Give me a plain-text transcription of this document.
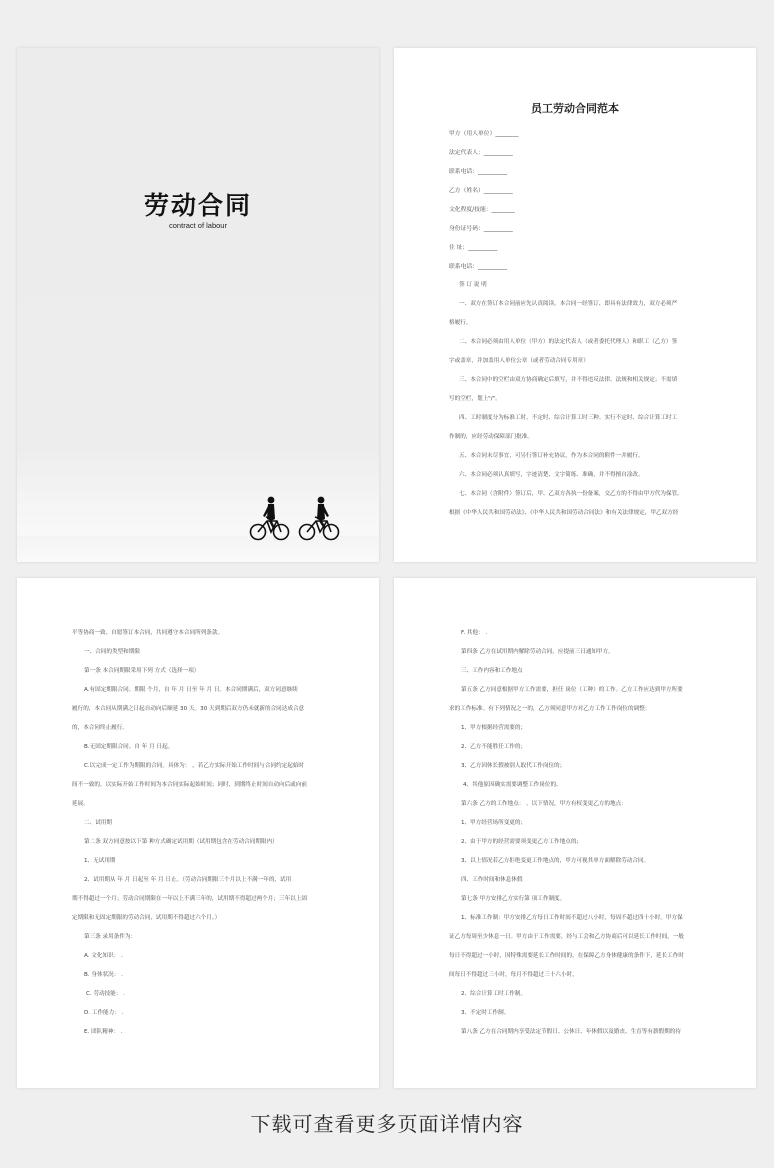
劳动合同
contract of labour
员工劳动合同范本
甲方（用人单位）________
法定代表人：__________
联系电话：__________
乙方（姓名）__________
文化程度/技能：________
身份证号码：__________
住 址：__________
联系电话：__________
签 订 说 明
一、双方在签订本合同前应先认真阅读。本合同一经签订，即具有法律效力，双方必须严
格履行。
二、本合同必须由用人单位（甲方）的法定代表人（或者委托代理人）和职工（乙方）签
字或盖章，并加盖用人单位公章（或者劳动合同专用章）
三、本合同中的空栏由双方协商确定后填写，并不得违反法律、法规和相关规定；不需填
写的空栏，划上"/"。
四、工时制度分为标准工时、不定时、综合计算工时三种。实行不定时、综合计算工时工
作制的，应经劳动保障部门批准。
五、本合同未尽事宜，可另行签订补充协议，作为本合同的附件一并履行。
六、本合同必须认真填写，字迹清楚、文字简练、准确，并不得擅自涂改。
七、本合同（含附件）签订后，甲、乙双方各执一份备案，交乙方的不得由甲方代为保管。
根据《中华人民共和国劳动法》、《中华人民共和国劳动合同法》和有关法律规定，甲乙双方经
平等协商一致、自愿签订本合同，共同遵守本合同所列条款。
一、合同的类型和期限
第一条 本合同期限采用下列 方式（选择一项）
A.有固定期限合同。期限 个月，自 年 月 日至 年 月 日。本合同期满后，双方同意继续
履行的，本合同从期满之日起自动向后顺延 30 天。30 天到期后双方仍未就新的合同达成合意
的，本合同终止履行。
B.无固定期限合同。自 年 月 日起。
C.以完成一定工作为期限的合同。具体为： ，若乙方实际开始工作时间与合同约定起始时
间不一致的，以实际开始工作时间为本合同实际起始时间；同时，到期终止时间自动向后或向前
延展。
二、试用期
第二条 双方同意按以下第 种方式确定试用期（试用期包含在劳动合同期限内）
1、无试用期
2、试用期从 年 月 日起至 年 月 日止。（劳动合同期限三个月以上不满一年的，试用
期不得超过一个月；劳动合同期限在一年以上不满三年的，试用期不得超过两个月；三年以上固
定期限和无固定期限的劳动合同，试用期不得超过六个月。）
第三条 录用条件为：
A. 文化知识： .
B. 身体状况： .
C. 劳动技能： .
D. 工作能力： .
E. 团队精神： .
F. 其他： .
第四条 乙方在试用期内解除劳动合同，应提前三日通知甲方。
三、工作内容和工作地点
第五条 乙方同意根据甲方工作需要，担任 岗位（工种）的工作。乙方工作应达到甲方所要
求的工作标准。有下列情况之一的，乙方须同意甲方对乙方工作工作岗位的调整：
1、甲方根据经营需要的；
2、乙方不能胜任工作的；
3、乙方因休长假被别人取代工作岗位的；
4、其他原因确实需要调整工作岗位的。
第六条 乙方的工作地点： 。以下情况，甲方有权变更乙方的地点：
1、甲方经营场所变更的；
2、由于甲方的经营需要须变更乙方工作地点的；
3、以上情况若乙方拒绝变更工作地点的，甲方可视其单方面解除劳动合同。
四、工作时间和休息休假
第七条 甲方安排乙方实行第 项工作制度。
1、标准工作制：甲方安排乙方每日工作时间不超过八小时，每周不超过四十小时。甲方保
证乙方每周至少休息一日。甲方由于工作需要，经与工会和乙方协商后可以延长工作时间，一般
每日不得超过一小时，因特殊需要延长工作时间的，在保障乙方身体健康的条件下，延长工作时
间每日不得超过三小时，每月不得超过三十六小时。
2、综合计算工时工作制。
3、不定时工作制。
第八条 乙方在合同期内享受法定节假日、公休日、年休假以及婚丧、生育等有薪假期的待
下载可查看更多页面详情内容
